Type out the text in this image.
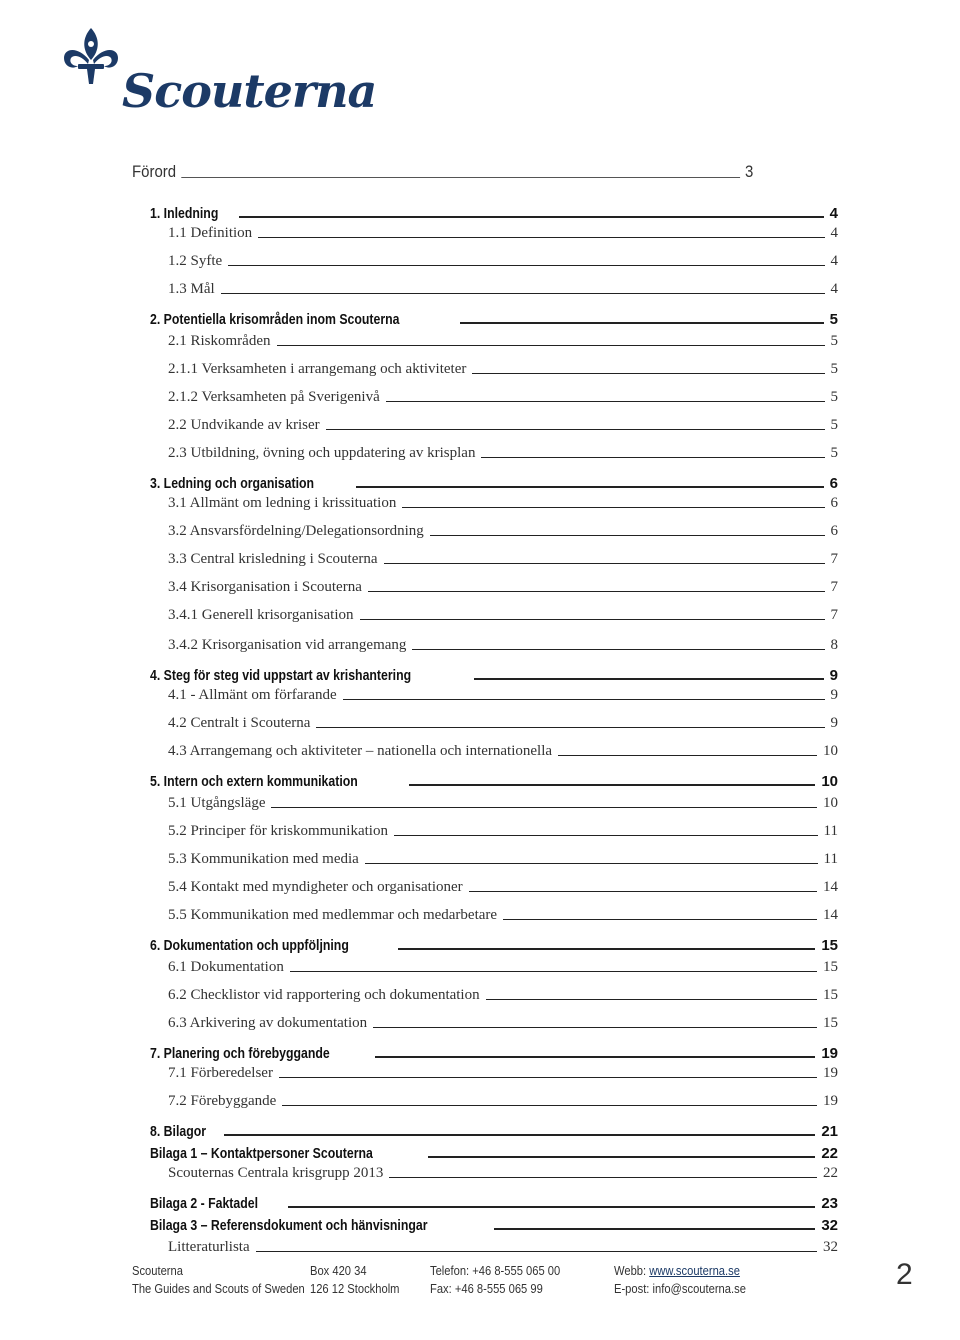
Scouterna
Förord	3
1. Inledning	4
1.1 Definition	4
1.2 Syfte	4
1.3 Mål	4
2. Potentiella krisområden inom Scouterna	5
2.1 Riskområden	5
2.1.1 Verksamheten i arrangemang och aktiviteter	5
2.1.2 Verksamheten på Sverigenivå	5
2.2 Undvikande av kriser	5
2.3 Utbildning, övning och uppdatering av krisplan	5
3. Ledning och organisation	6
3.1 Allmänt om ledning i krissituation	6
3.2 Ansvarsfördelning/Delegationsordning	6
3.3 Central krisledning i Scouterna	7
3.4 Krisorganisation i Scouterna	7
3.4.1 Generell krisorganisation	7
3.4.2 Krisorganisation vid arrangemang	8
4. Steg för steg vid uppstart av krishantering	9
4.1 - Allmänt om förfarande	9
4.2 Centralt i Scouterna	9
4.3 Arrangemang och aktiviteter – nationella och internationella	10
5. Intern och extern kommunikation	10
5.1 Utgångsläge	10
5.2 Principer för kriskommunikation	11
5.3 Kommunikation med media	11
5.4 Kontakt med myndigheter och organisationer	14
5.5 Kommunikation med medlemmar och medarbetare	14
6. Dokumentation och uppföljning	15
6.1 Dokumentation	15
6.2 Checklistor vid rapportering och dokumentation	15
6.3 Arkivering av dokumentation	15
7. Planering och förebyggande	19
7.1 Förberedelser	19
7.2 Förebyggande	19
8. Bilagor	21
Bilaga 1 – Kontaktpersoner Scouterna	22
Scouternas Centrala krisgrupp 2013	22
Bilaga 2 - Faktadel	23
Bilaga 3 – Referensdokument och hänvisningar	32
Litteraturlista	32
Scouterna
The Guides and Scouts of Sweden
Box 420 34
126 12 Stockholm
Telefon: +46 8-555 065 00
Fax: +46 8-555 065 99
Webb: www.scouterna.se
E-post: info@scouterna.se	2
